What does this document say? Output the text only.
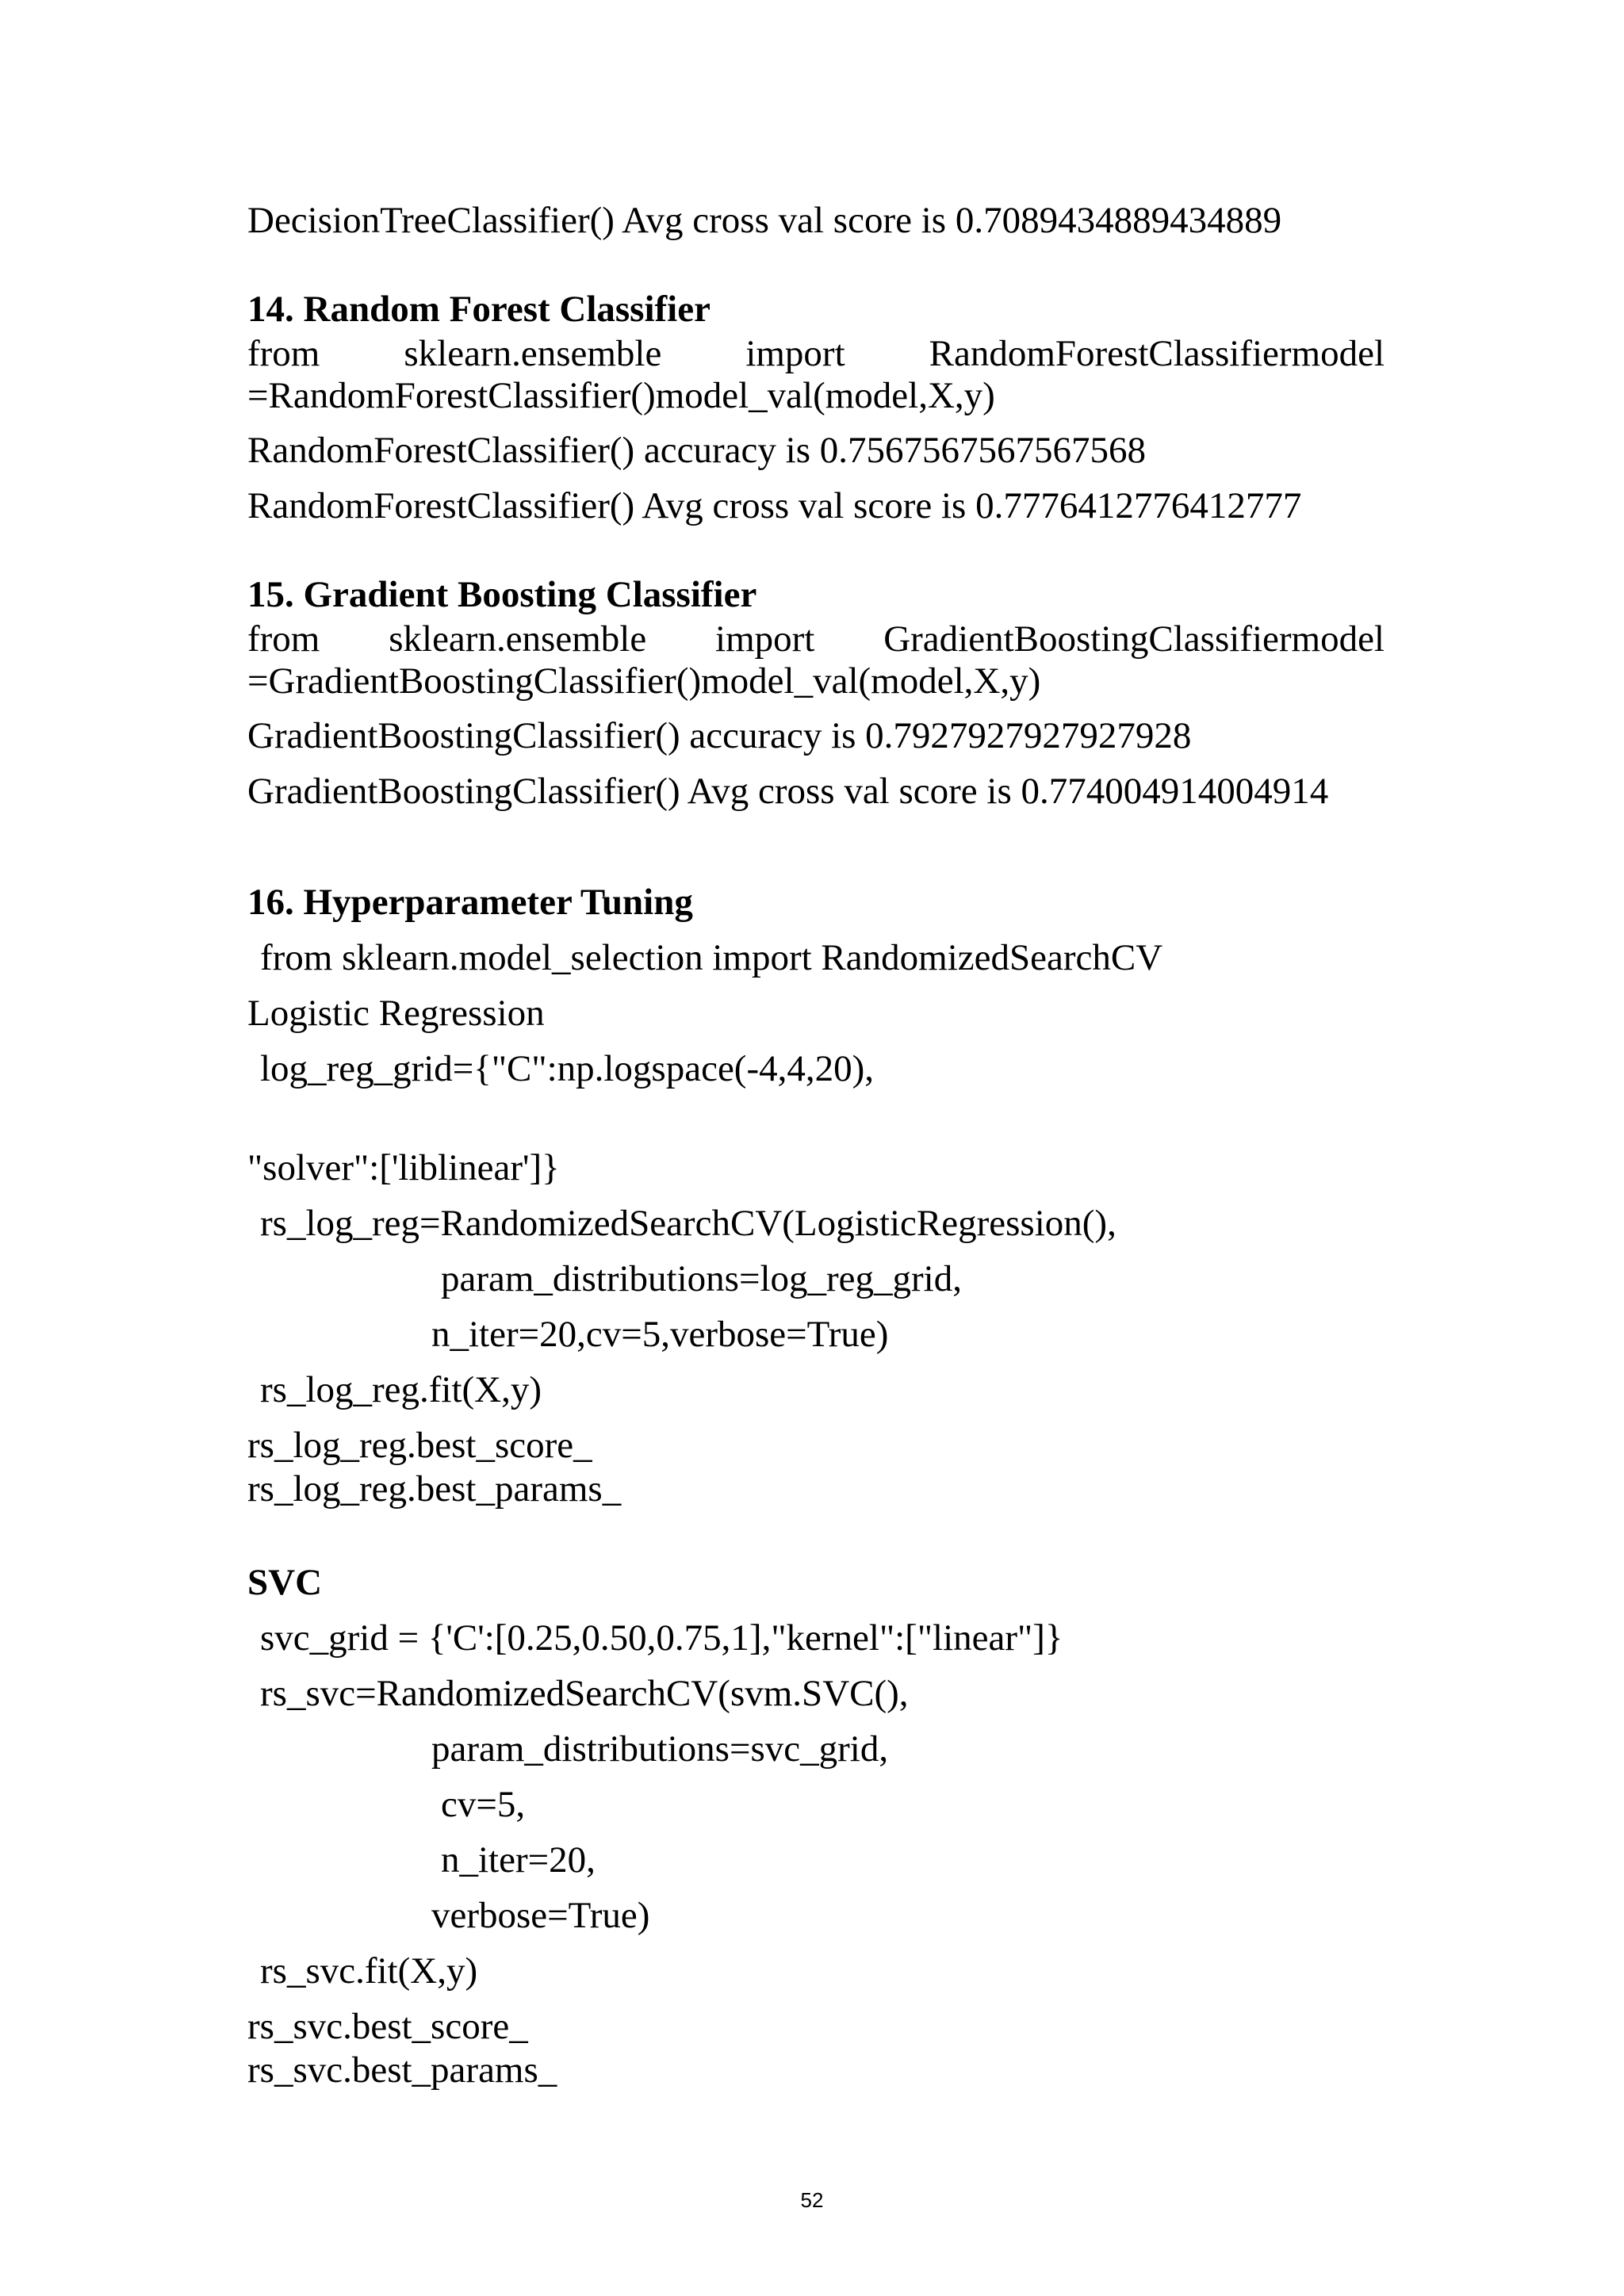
DecisionTreeClassifier() Avg cross val score is 0.7089434889434889

14. Random Forest Classifier

from sklearn.ensemble import RandomForestClassifiermodel

=RandomForestClassifier()model_val(model,X,y)

RandomForestClassifier() accuracy is 0.7567567567567568

RandomForestClassifier() Avg cross val score is 0.7776412776412777

15. Gradient Boosting Classifier

from sklearn.ensemble import GradientBoostingClassifiermodel

=GradientBoostingClassifier()model_val(model,X,y)

GradientBoostingClassifier() accuracy is 0.7927927927927928

GradientBoostingClassifier() Avg cross val score is 0.774004914004914

16. Hyperparameter Tuning

from sklearn.model_selection import RandomizedSearchCV

Logistic Regression

log_reg_grid={"C":np.logspace(-4,4,20),

"solver":['liblinear']}

rs_log_reg=RandomizedSearchCV(LogisticRegression(),

param_distributions=log_reg_grid,

n_iter=20,cv=5,verbose=True)

rs_log_reg.fit(X,y)

rs_log_reg.best_score_

rs_log_reg.best_params_

SVC

svc_grid = {'C':[0.25,0.50,0.75,1],"kernel":["linear"]}

rs_svc=RandomizedSearchCV(svm.SVC(),

param_distributions=svc_grid,

cv=5,

n_iter=20,

verbose=True)

rs_svc.fit(X,y)

rs_svc.best_score_

rs_svc.best_params_

52
